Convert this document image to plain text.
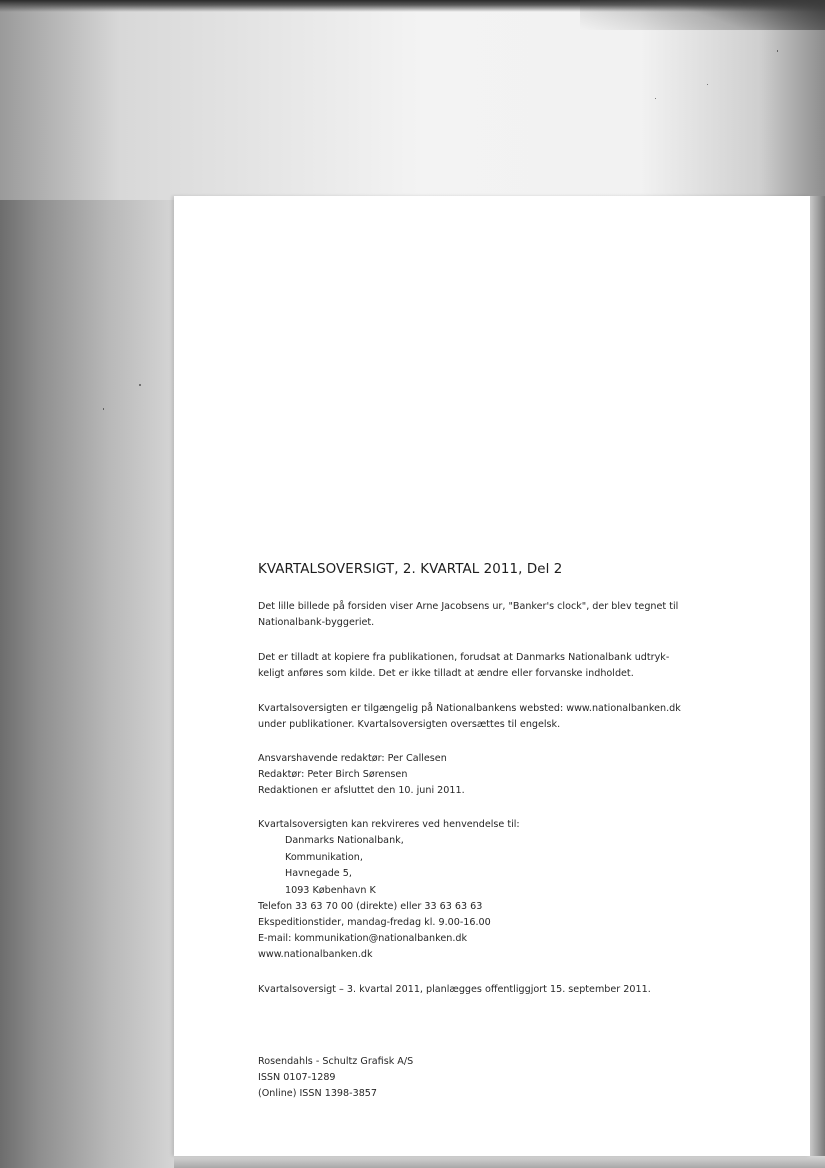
KVARTALSOVERSIGT, 2. KVARTAL 2011, Del 2
Det lille billede på forsiden viser Arne Jacobsens ur, "Banker's clock", der blev tegnet til
Nationalbank-byggeriet.
Det er tilladt at kopiere fra publikationen, forudsat at Danmarks Nationalbank udtryk-
keligt anføres som kilde. Det er ikke tilladt at ændre eller forvanske indholdet.
Kvartalsoversigten er tilgængelig på Nationalbankens websted: www.nationalbanken.dk
under publikationer. Kvartalsoversigten oversættes til engelsk.
Ansvarshavende redaktør: Per Callesen
Redaktør: Peter Birch Sørensen
Redaktionen er afsluttet den 10. juni 2011.
Kvartalsoversigten kan rekvireres ved henvendelse til:
Danmarks Nationalbank,
Kommunikation,
Havnegade 5,
1093 København K
Telefon 33 63 70 00 (direkte) eller 33 63 63 63
Ekspeditionstider, mandag-fredag kl. 9.00-16.00
E-mail: kommunikation@nationalbanken.dk
www.nationalbanken.dk
Kvartalsoversigt – 3. kvartal 2011, planlægges offentliggjort 15. september 2011.
Rosendahls - Schultz Grafisk A/S
ISSN 0107-1289
(Online) ISSN 1398-3857
